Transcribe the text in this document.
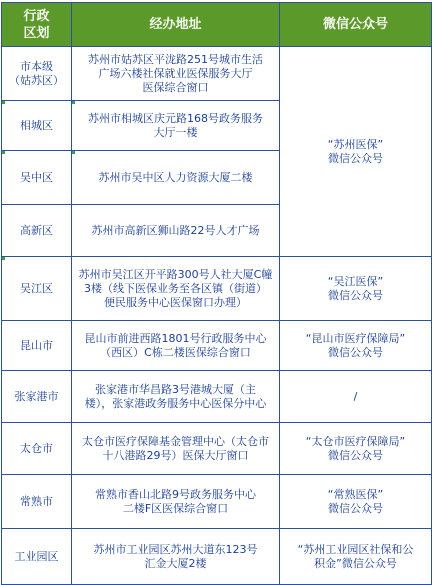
行政
区划	经办地址	微信公众号
市本级
（姑苏区）	苏州市姑苏区平泷路251号城市生活
广场六楼社保就业医保服务大厅
医保综合窗口	“苏州医保”
微信公众号
相城区	苏州市相城区庆元路168号政务服务
大厅一楼	
吴中区	苏州市吴中区人力资源大厦二楼	
高新区	苏州市高新区狮山路22号人才广场	
吴江区	苏州市吴江区开平路300号人社大厦C幢
3楼（线下医保业务至各区镇（街道）
便民服务中心医保窗口办理）	“吴江医保”
微信公众号
昆山市	昆山市前进西路1801号行政服务中心
（西区）C栋二楼医保综合窗口	“昆山市医疗保障局”
微信公众号
张家港市	张家港市华昌路3号港城大厦（主
楼），张家港政务服务中心医保分中心	/
太仓市	太仓市医疗保障基金管理中心（太仓市
十八港路29号）医保大厅窗口	“太仓市医疗保障局”
微信公众号
常熟市	常熟市香山北路9号政务服务中心
二楼F区医保综合窗口	“常熟医保”
微信公众号
工业园区	苏州市工业园区苏州大道东123号
汇金大厦2楼	“苏州工业园区社保和公
积金”微信公众号
